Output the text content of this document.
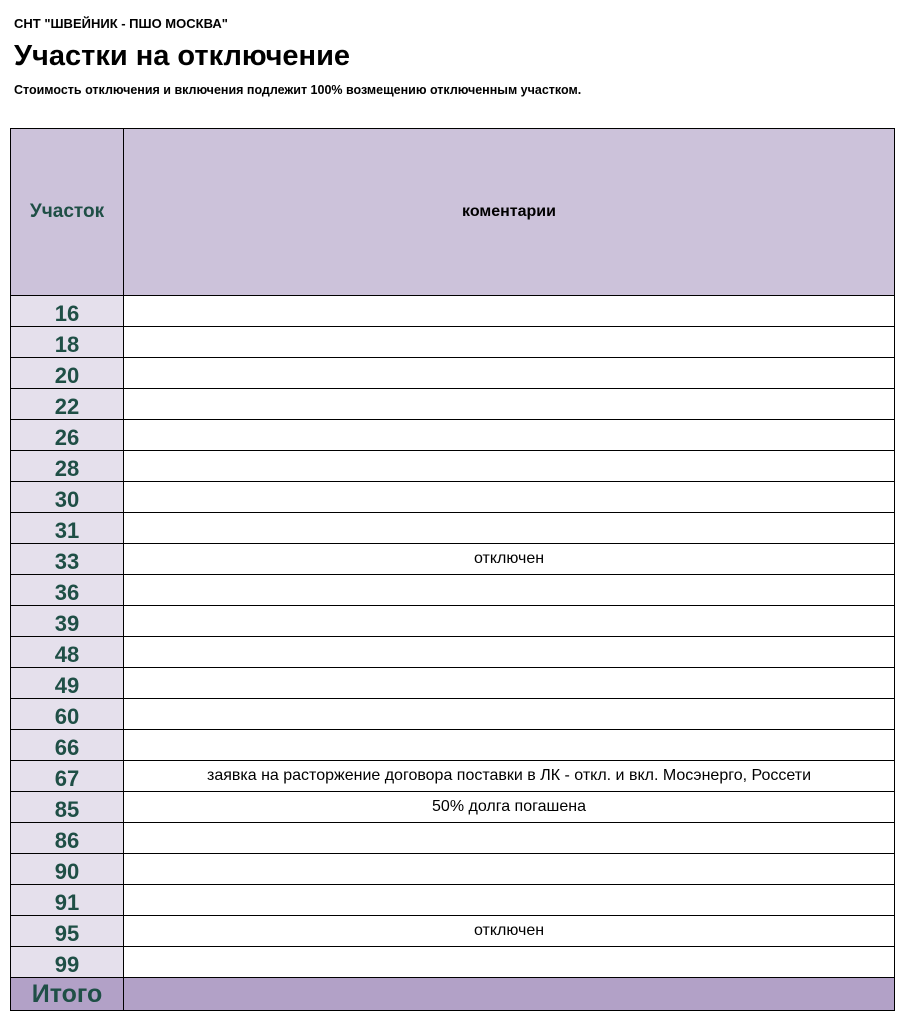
СНТ "ШВЕЙНИК - ПШО МОСКВА"
Участки на отключение
Стоимость отключения и включения подлежит 100% возмещению отключенным участком.
Участок	коментарии
16	
18	
20	
22	
26	
28	
30	
31	
33	отключен
36	
39	
48	
49	
60	
66	
67	заявка на расторжение договора поставки в ЛК - откл. и вкл. Мосэнерго, Россети
85	50% долга погашена
86	
90	
91	
95	отключен
99	
Итого	
